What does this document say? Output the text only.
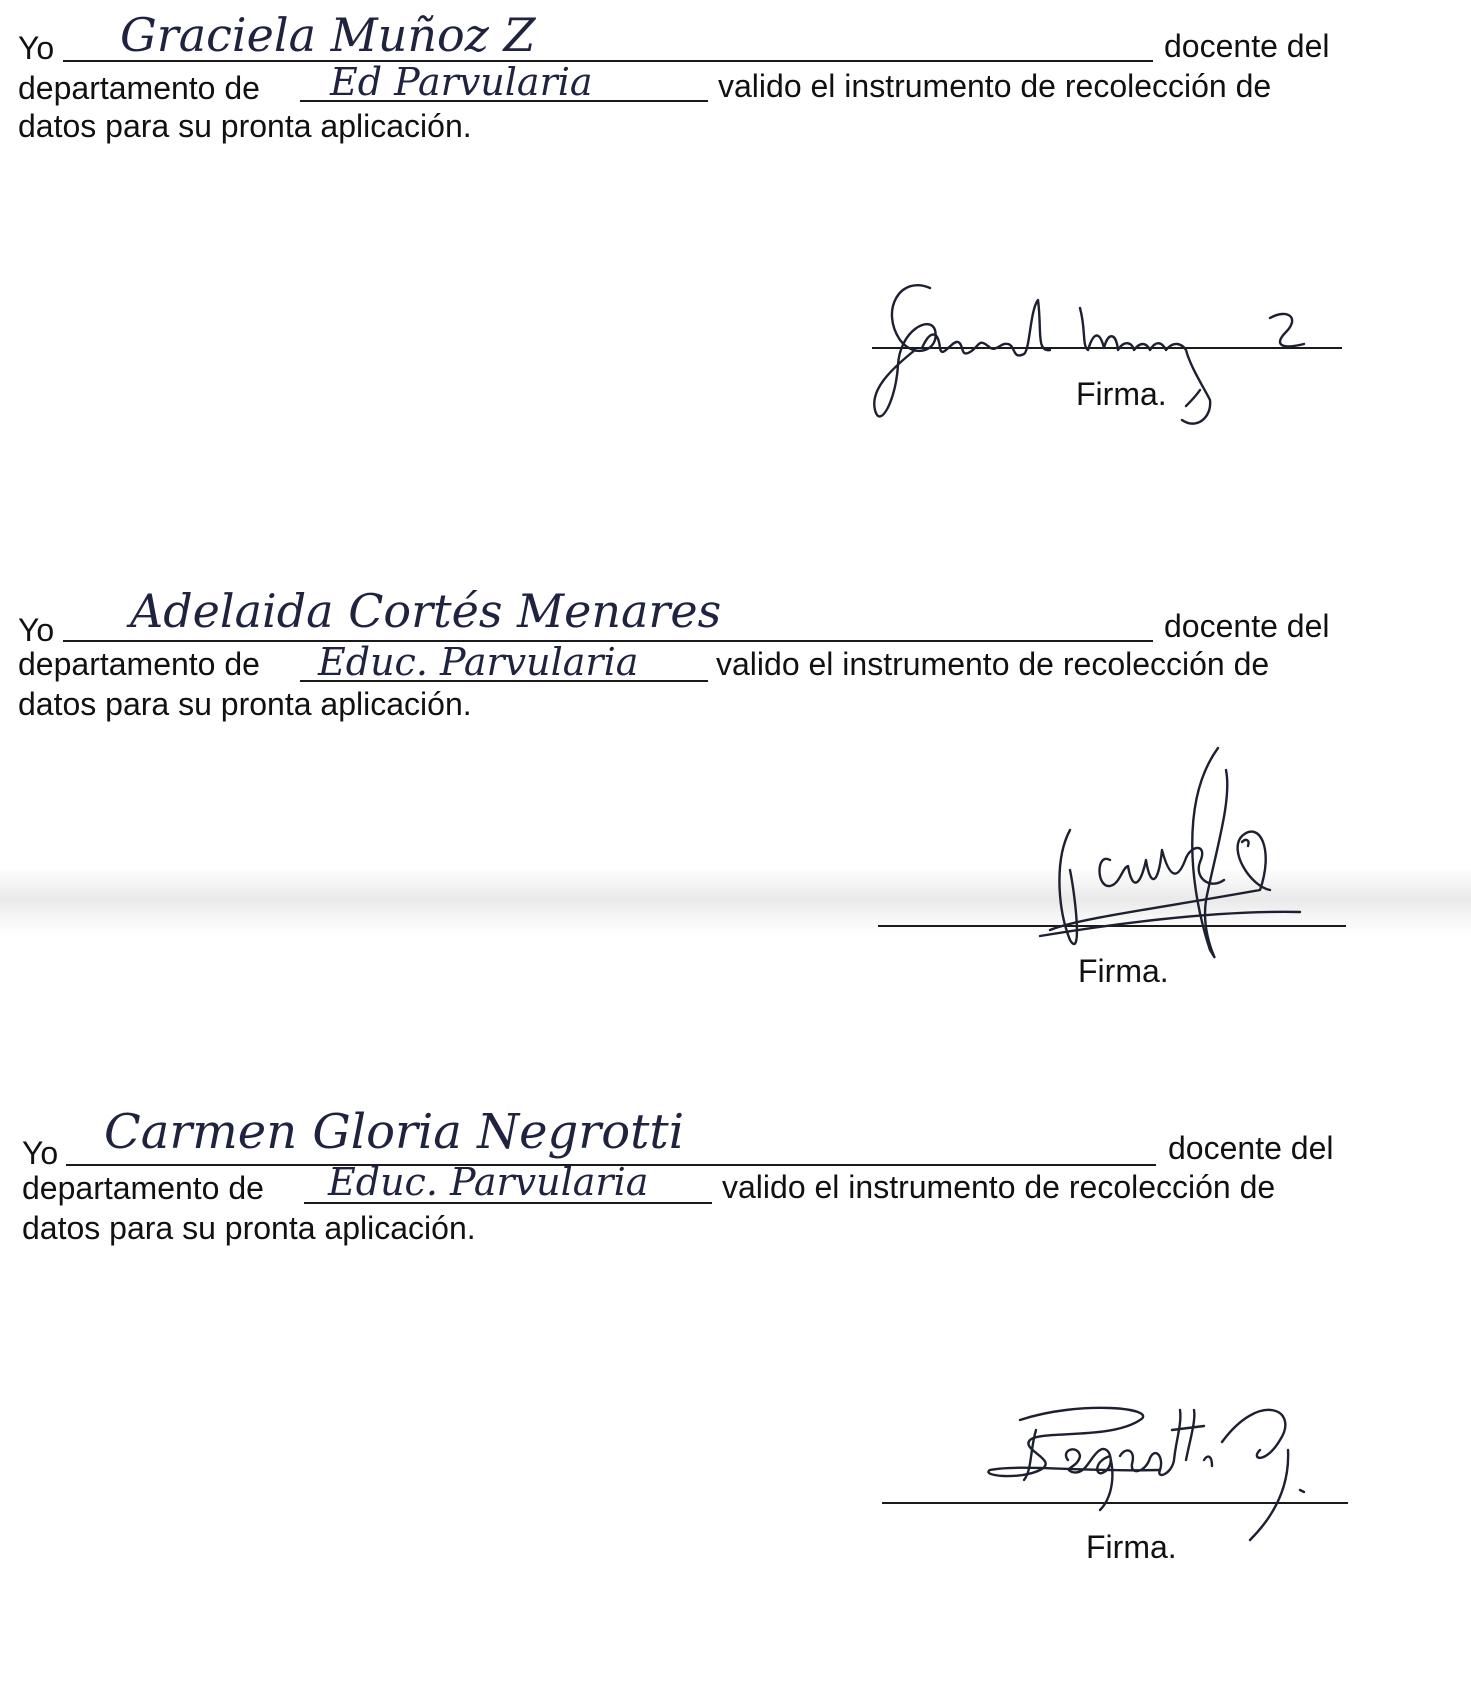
Yo Graciela Muñoz Z	docente del
departamento de Ed Parvularia	valido el instrumento de recolección de
datos para su pronta aplicación.
Firma.
Yo Adelaida Cortés Menares	docente del
departamento de Educ. Parvularia valido el instrumento de recolección de
datos para su pronta aplicación.
Firma.
Yo Carmen Gloria Negrotti	docente del
departamento de Educ. Parvularia valido el instrumento de recolección de
datos para su pronta aplicación.
Firma.
